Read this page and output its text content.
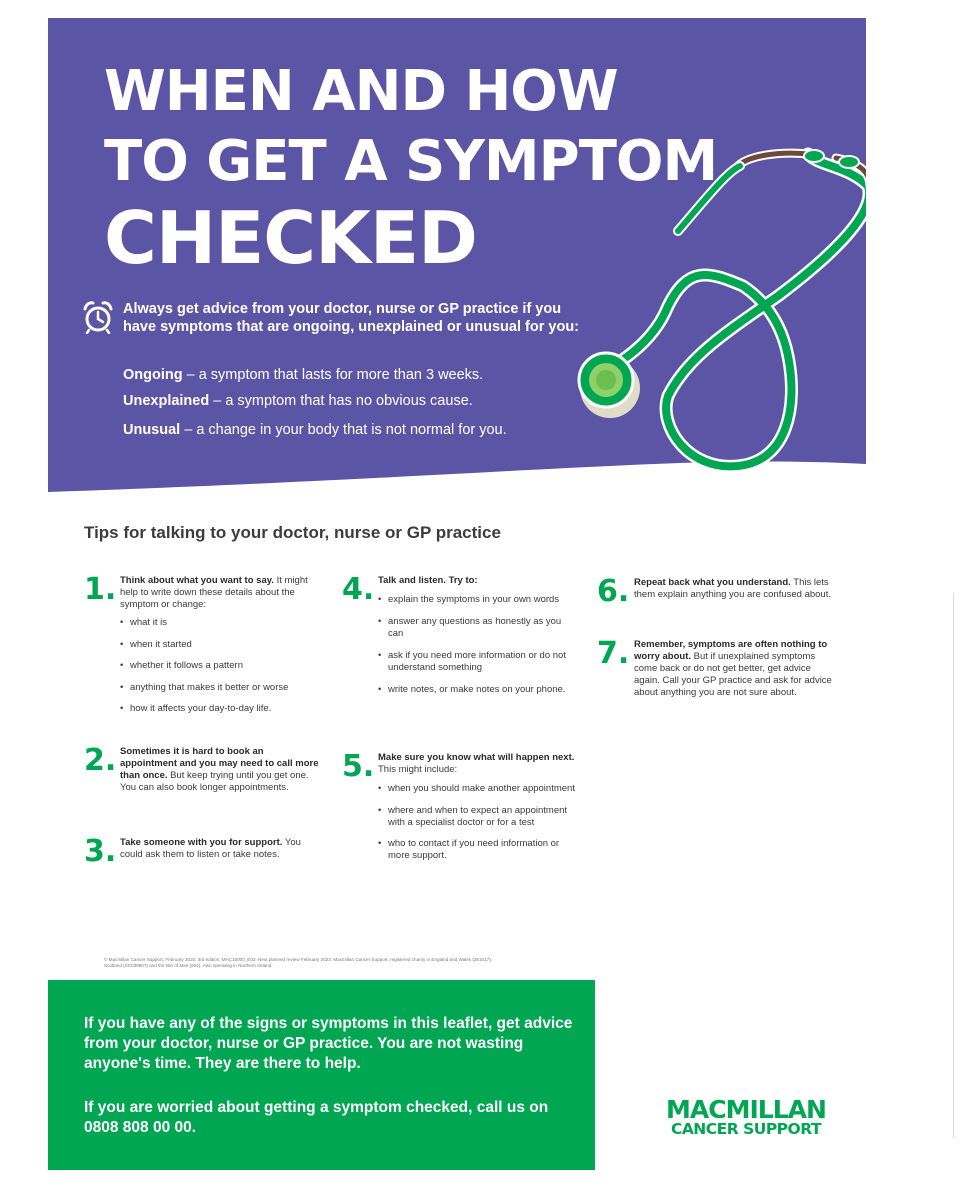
WHEN AND HOW
TO GET A SYMPTOM
CHECKED
Always get advice from your doctor, nurse or GP practice if you have symptoms that are ongoing, unexplained or unusual for you:
Ongoing – a symptom that lasts for more than 3 weeks.
Unexplained – a symptom that has no obvious cause.
Unusual – a change in your body that is not normal for you.
Tips for talking to your doctor, nurse or GP practice
1. Think about what you want to say. It might help to write down these details about the symptom or change:
• what it is
• when it started
• whether it follows a pattern
• anything that makes it better or worse
• how it affects your day-to-day life.
2. Sometimes it is hard to book an appointment and you may need to call more than once. But keep trying until you get one. You can also book longer appointments.
3. Take someone with you for support. You could ask them to listen or take notes.
4. Talk and listen. Try to:
• explain the symptoms in your own words
• answer any questions as honestly as you can
• ask if you need more information or do not understand something
• write notes, or make notes on your phone.
5. Make sure you know what will happen next. This might include:
• when you should make another appointment
• where and when to expect an appointment with a specialist doctor or for a test
• who to contact if you need information or more support.
6. Repeat back what you understand. This lets them explain anything you are confused about.
7. Remember, symptoms are often nothing to worry about. But if unexplained symptoms come back or do not get better, get advice again. Call your GP practice and ask for advice about anything you are not sure about.
© Macmillan Cancer Support, February 2020. 3rd edition. MAC15000_E03. Next planned review February 2023. Macmillan Cancer Support, registered charity in England and Wales (261017), Scotland (SC039907) and the Isle of Man (604). Also operating in Northern Ireland.
If you have any of the signs or symptoms in this leaflet, get advice from your doctor, nurse or GP practice. You are not wasting anyone's time. They are there to help.
If you are worried about getting a symptom checked, call us on 0808 808 00 00.
MACMILLAN
CANCER SUPPORT
